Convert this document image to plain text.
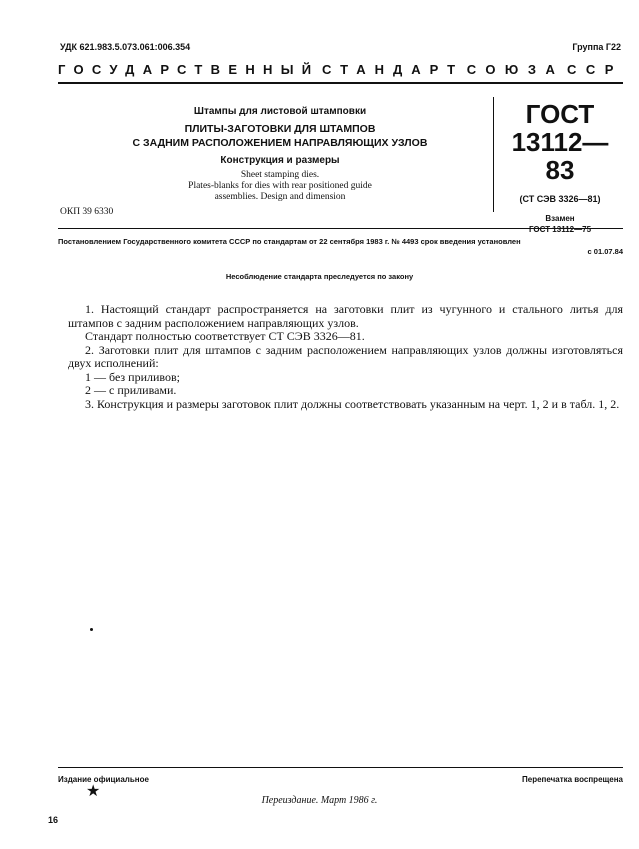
УДК 621.983.5.073.061:006.354	Группа Г22
ГОСУДАРСТВЕННЫЙ СТАНДАРТ СОЮЗА ССР
Штампы для листовой штамповки
ПЛИТЫ-ЗАГОТОВКИ ДЛЯ ШТАМПОВ
С ЗАДНИМ РАСПОЛОЖЕНИЕМ НАПРАВЛЯЮЩИХ УЗЛОВ
Конструкция и размеры
Sheet stamping dies.
Plates-blanks for dies with rear positioned guide
assemblies. Design and dimension
ГОСТ
13112—83
(СТ СЭВ 3326—81)
Взамен
ГОСТ 13112—75
ОКП 39 6330
Постановлением Государственного комитета СССР по стандартам от 22 сентября 1983 г. № 4493 срок введения установлен
с 01.07.84
Несоблюдение стандарта преследуется по закону

1. Настоящий стандарт распространяется на заготовки плит из чугунного и стального литья для штампов с задним расположением направляющих узлов.

Стандарт полностью соответствует СТ СЭВ 3326—81.

2. Заготовки плит для штампов с задним расположением направляющих узлов должны изготовляться двух исполнений:

1 — без приливов;

2 — с приливами.

3. Конструкция и размеры заготовок плит должны соответствовать указанным на черт. 1, 2 и в табл. 1, 2.

Издание официальное
★
Перепечатка воспрещена
Переиздание. Март 1986 г.
16
